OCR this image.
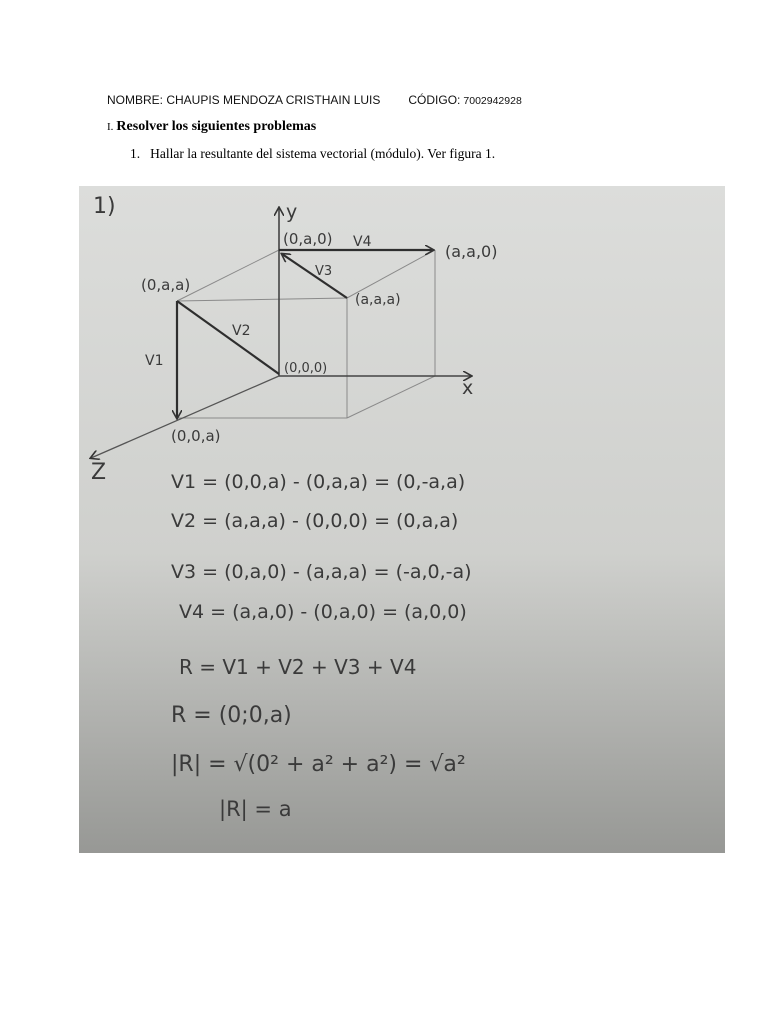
NOMBRE: CHAUPIS MENDOZA CRISTHAIN LUIS CÓDIGO: 7002942928
I. Resolver los siguientes problemas
1. Hallar la resultante del sistema vectorial (módulo). Ver figura 1.
1)	y
x
(0,a,0) V4	(a,a,0)
V3
(0,a,a)
(a,a,a)
V2
V1	(0,0,0)
(0,0,a)
Z	V1 = (0,0,a) - (0,a,a) = (0,-a,a)
V2 = (a,a,a) - (0,0,0) = (0,a,a)
V3 = (0,a,0) - (a,a,a) = (-a,0,-a)
V4 = (a,a,0) - (0,a,0) = (a,0,0)
R = V1 + V2 + V3 + V4
R = (0;0,a)
|R| = √(0² + a² + a²) = √a²
|R| = a
